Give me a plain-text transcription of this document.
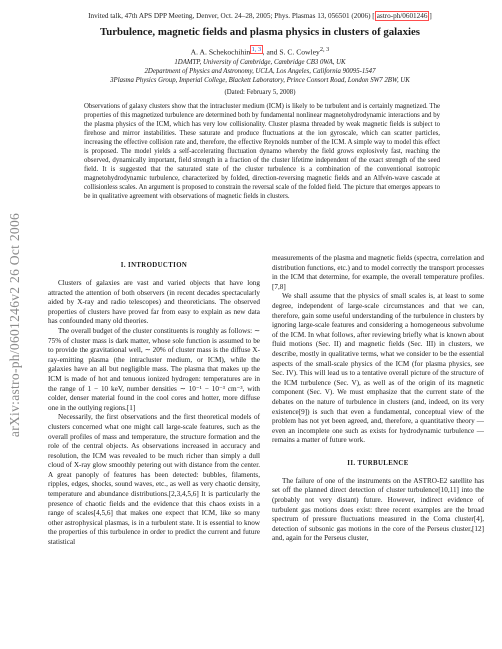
arXiv:astro-ph/0601246v2 26 Oct 2006
Invited talk, 47th APS DPP Meeting, Denver, Oct. 24–28, 2005; Phys. Plasmas 13, 056501 (2006) [ astro-ph/0601246 ]
Turbulence, magnetic fields and plasma physics in clusters of galaxies
A. A. Schekochihin $^{1, 3}$ , and S. C. Cowley$^{2, 3}$
1DAMTP, University of Cambridge, Cambridge CB3 0WA, UK
2Department of Physics and Astronomy, UCLA, Los Angeles, California 90095-1547
3Plasma Physics Group, Imperial College, Blackett Laboratory, Prince Consort Road, London SW7 2BW, UK
(Dated: February 5, 2008)

Observations of galaxy clusters show that the intracluster medium (ICM) is likely to be turbulent and is certainly magnetized. The properties of this magnetized turbulence are determined both by fundamental nonlinear magnetohydrodynamic interactions and by the plasma physics of the ICM, which has very low collisionality. Cluster plasma threaded by weak magnetic fields is subject to firehose and mirror instabilities. These saturate and produce fluctuations at the ion gyroscale, which can scatter particles, increasing the effective collision rate and, therefore, the effective Reynolds number of the ICM. A simple way to model this effect is proposed. The model yields a self-accelerating fluctuation dynamo whereby the field grows explosively fast, reaching the observed, dynamically important, field strength in a fraction of the cluster lifetime independent of the exact strength of the seed field. It is suggested that the saturated state of the cluster turbulence is a combination of the conventional isotropic magnetohydrodynamic turbulence, characterized by folded, direction-reversing magnetic fields and an Alfvén-wave cascade at collisionless scales. An argument is proposed to constrain the reversal scale of the folded field. The picture that emerges appears to be in qualitative agreement with observations of magnetic fields in clusters.

I. INTRODUCTION

Clusters of galaxies are vast and varied objects that have long attracted the attention of both observers (in recent decades spectacularly aided by X-ray and radio telescopes) and theoreticians. The observed properties of clusters have proved far from easy to explain as new data has confounded many old theories.

The overall budget of the cluster constituents is roughly as follows: ∼ 75% of cluster mass is dark matter, whose sole function is assumed to be to provide the gravitational well, ∼ 20% of cluster mass is the diffuse X-ray-emitting plasma (the intracluster medium, or ICM), while the galaxies have an all but negligible mass. The plasma that makes up the ICM is made of hot and tenuous ionized hydrogen: temperatures are in the range of 1 − 10 keV, number densities ∼ 10⁻¹ − 10⁻³ cm⁻³, with colder, denser material found in the cool cores and hotter, more diffuse one in the outlying regions.[1]

Necessarily, the first observations and the first theoretical models of clusters concerned what one might call large-scale features, such as the overall profiles of mass and temperature, the structure formation and the role of the central objects. As observations increased in accuracy and resolution, the ICM was revealed to be much richer than simply a dull cloud of X-ray glow smoothly petering out with distance from the center. A great panoply of features has been detected: bubbles, filaments, ripples, edges, shocks, sound waves, etc., as well as very chaotic density, temperature and abundance distributions.[2,3,4,5,6] It is particularly the presence of chaotic fields and the evidence that this chaos exists in a range of scales[4,5,6] that makes one expect that ICM, like so many other astrophysical plasmas, is in a turbulent state. It is essential to know the properties of this turbulence in order to predict the current and future statistical

measurements of the plasma and magnetic fields (spectra, correlation and distribution functions, etc.) and to model correctly the transport processes in the ICM that determine, for example, the overall temperature profiles.[7,8]

We shall assume that the physics of small scales is, at least to some degree, independent of large-scale circumstances and that we can, therefore, gain some useful understanding of the turbulence in clusters by ignoring large-scale features and considering a homogeneous subvolume of the ICM. In what follows, after reviewing briefly what is known about fluid motions (Sec. II) and magnetic fields (Sec. III) in clusters, we describe, mostly in qualitative terms, what we consider to be the essential aspects of the small-scale physics of the ICM (for plasma physics, see Sec. IV). This will lead us to a tentative overall picture of the structure of the ICM turbulence (Sec. V), as well as of the origin of its magnetic component (Sec. V). We must emphasize that the current state of the debates on the nature of turbulence in clusters (and, indeed, on its very existence[9]) is such that even a fundamental, conceptual view of the problem has not yet been agreed, and, therefore, a quantitative theory — even an incomplete one such as exists for hydrodynamic turbulence — remains a matter of future work.

II. TURBULENCE

The failure of one of the instruments on the ASTRO-E2 satellite has set off the planned direct detection of cluster turbulence[10,11] into the (probably not very distant) future. However, indirect evidence of turbulent gas motions does exist: three recent examples are the broad spectrum of pressure fluctuations measured in the Coma cluster[4], detection of subsonic gas motions in the core of the Perseus cluster,[12] and, again for the Perseus cluster,
